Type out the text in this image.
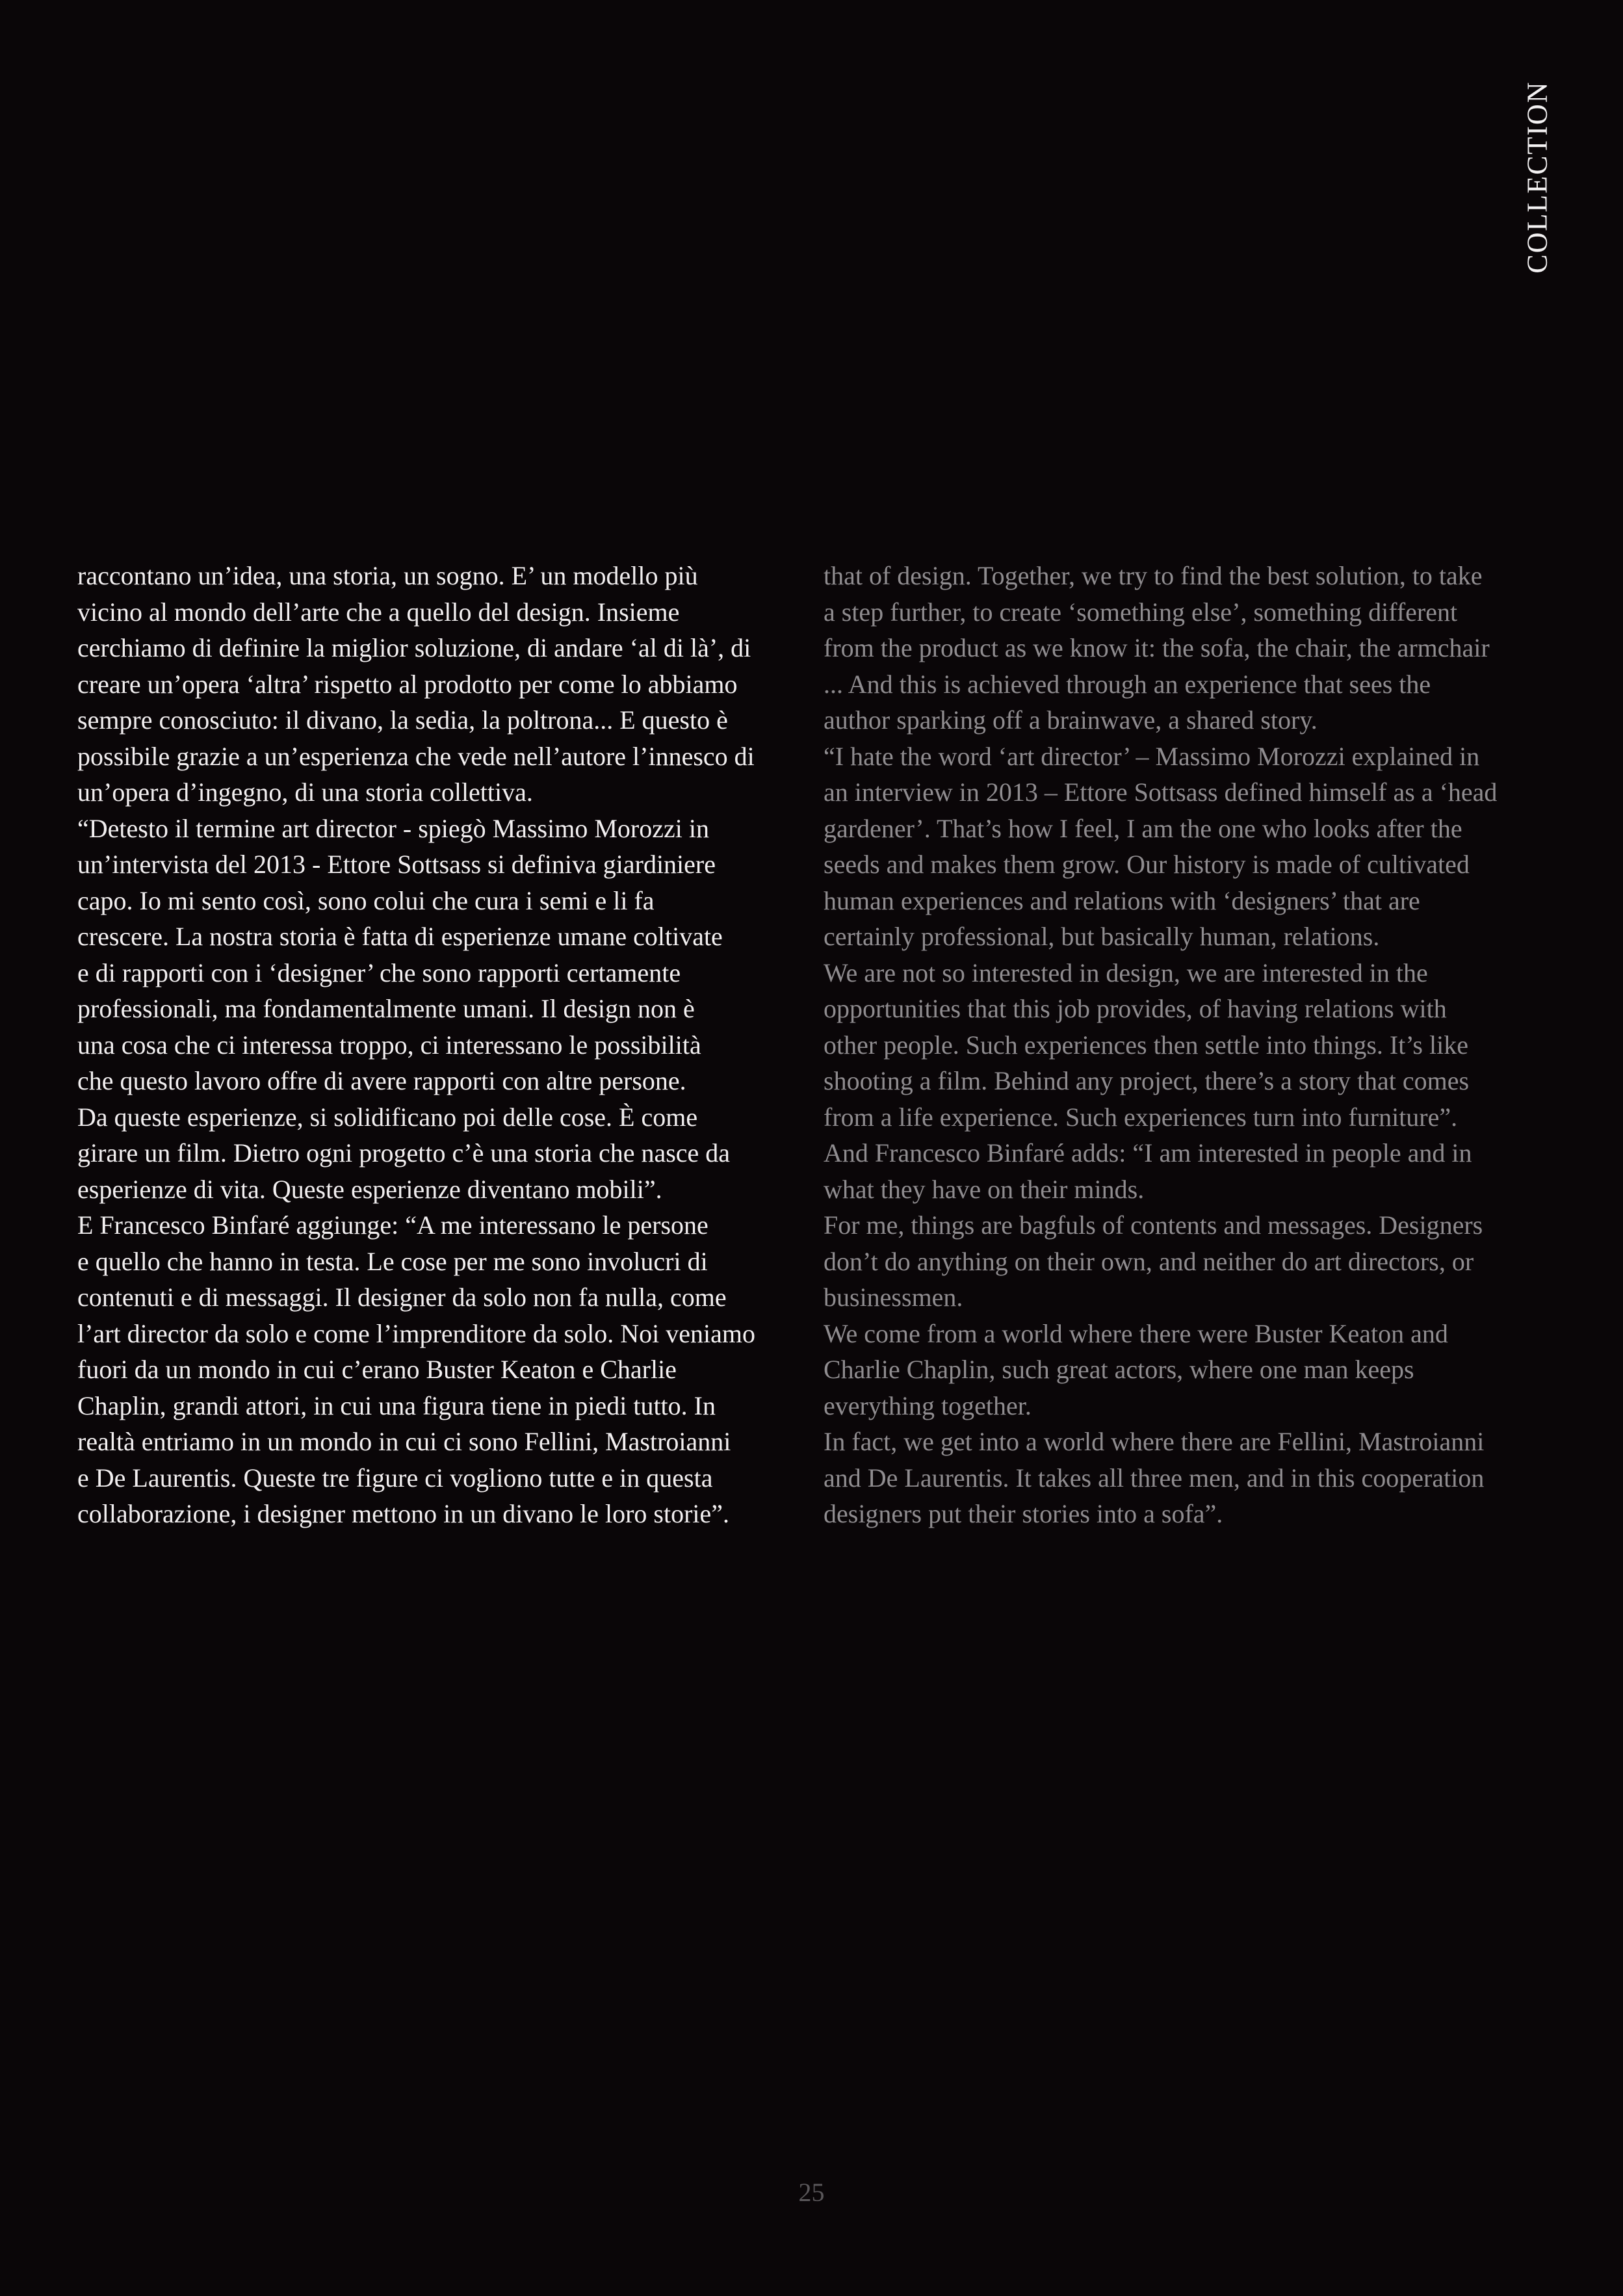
COLLECTION
raccontano un’idea, una storia, un sogno. E’ un modello più
vicino al mondo dell’arte che a quello del design. Insieme
cerchiamo di definire la miglior soluzione, di andare ‘al di là’, di
creare un’opera ‘altra’ rispetto al prodotto per come lo abbiamo
sempre conosciuto: il divano, la sedia, la poltrona... E questo è
possibile grazie a un’esperienza che vede nell’autore l’innesco di
un’opera d’ingegno, di una storia collettiva.
“Detesto il termine art director - spiegò Massimo Morozzi in
un’intervista del 2013 - Ettore Sottsass si definiva giardiniere
capo. Io mi sento così, sono colui che cura i semi e li fa
crescere. La nostra storia è fatta di esperienze umane coltivate
e di rapporti con i ‘designer’ che sono rapporti certamente
professionali, ma fondamentalmente umani. Il design non è
una cosa che ci interessa troppo, ci interessano le possibilità
che questo lavoro offre di avere rapporti con altre persone.
Da queste esperienze, si solidificano poi delle cose. È come
girare un film. Dietro ogni progetto c’è una storia che nasce da
esperienze di vita. Queste esperienze diventano mobili”.
E Francesco Binfaré aggiunge: “A me interessano le persone
e quello che hanno in testa. Le cose per me sono involucri di
contenuti e di messaggi. Il designer da solo non fa nulla, come
l’art director da solo e come l’imprenditore da solo. Noi veniamo
fuori da un mondo in cui c’erano Buster Keaton e Charlie
Chaplin, grandi attori, in cui una figura tiene in piedi tutto. In
realtà entriamo in un mondo in cui ci sono Fellini, Mastroianni
e De Laurentis. Queste tre figure ci vogliono tutte e in questa
collaborazione, i designer mettono in un divano le loro storie”.
that of design. Together, we try to find the best solution, to take
a step further, to create ‘something else’, something different
from the product as we know it: the sofa, the chair, the armchair
... And this is achieved through an experience that sees the
author sparking off a brainwave, a shared story.
“I hate the word ‘art director’ – Massimo Morozzi explained in
an interview in 2013 – Ettore Sottsass defined himself as a ‘head
gardener’. That’s how I feel, I am the one who looks after the
seeds and makes them grow. Our history is made of cultivated
human experiences and relations with ‘designers’ that are
certainly professional, but basically human, relations.
We are not so interested in design, we are interested in the
opportunities that this job provides, of having relations with
other people. Such experiences then settle into things. It’s like
shooting a film. Behind any project, there’s a story that comes
from a life experience. Such experiences turn into furniture”.
And Francesco Binfaré adds: “I am interested in people and in
what they have on their minds.
For me, things are bagfuls of contents and messages. Designers
don’t do anything on their own, and neither do art directors, or
businessmen.
We come from a world where there were Buster Keaton and
Charlie Chaplin, such great actors, where one man keeps
everything together.
In fact, we get into a world where there are Fellini, Mastroianni
and De Laurentis. It takes all three men, and in this cooperation
designers put their stories into a sofa”.
25
